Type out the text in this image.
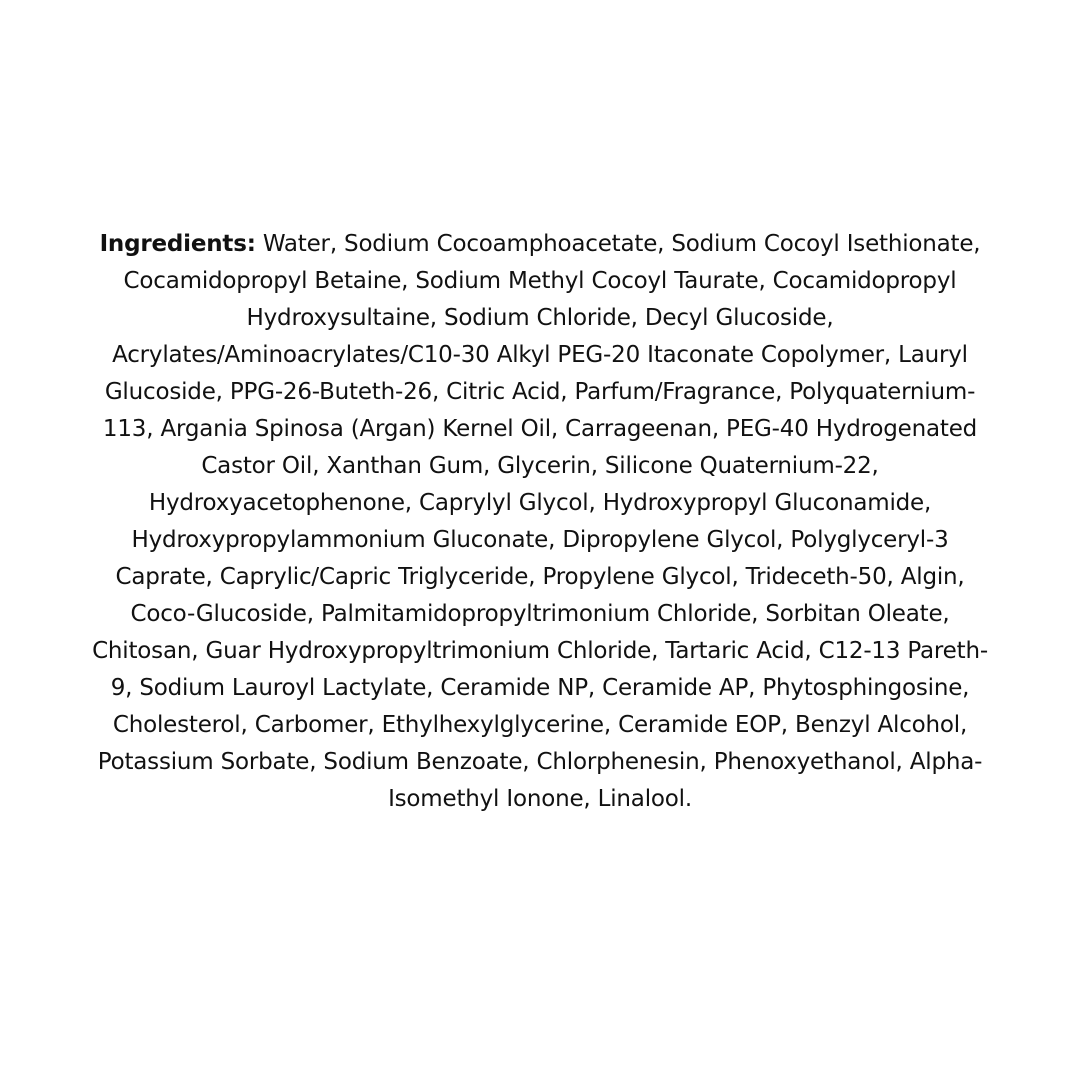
Ingredients: Water, Sodium Cocoamphoacetate, Sodium Cocoyl Isethionate, Cocamidopropyl Betaine, Sodium Methyl Cocoyl Taurate, Cocamidopropyl Hydroxysultaine, Sodium Chloride, Decyl Glucoside, Acrylates/Aminoacrylates/C10-30 Alkyl PEG-20 Itaconate Copolymer, Lauryl Glucoside, PPG-26-Buteth-26, Citric Acid, Parfum/Fragrance, Polyquaternium-113, Argania Spinosa (Argan) Kernel Oil, Carrageenan, PEG-40 Hydrogenated Castor Oil, Xanthan Gum, Glycerin, Silicone Quaternium-22, Hydroxyacetophenone, Caprylyl Glycol, Hydroxypropyl Gluconamide, Hydroxypropylammonium Gluconate, Dipropylene Glycol, Polyglyceryl-3 Caprate, Caprylic/Capric Triglyceride, Propylene Glycol, Trideceth-50, Algin, Coco-Glucoside, Palmitamidopropyltrimonium Chloride, Sorbitan Oleate, Chitosan, Guar Hydroxypropyltrimonium Chloride, Tartaric Acid, C12-13 Pareth-9, Sodium Lauroyl Lactylate, Ceramide NP, Ceramide AP, Phytosphingosine, Cholesterol, Carbomer, Ethylhexylglycerine, Ceramide EOP, Benzyl Alcohol, Potassium Sorbate, Sodium Benzoate, Chlorphenesin, Phenoxyethanol, Alpha-Isomethyl Ionone, Linalool.
